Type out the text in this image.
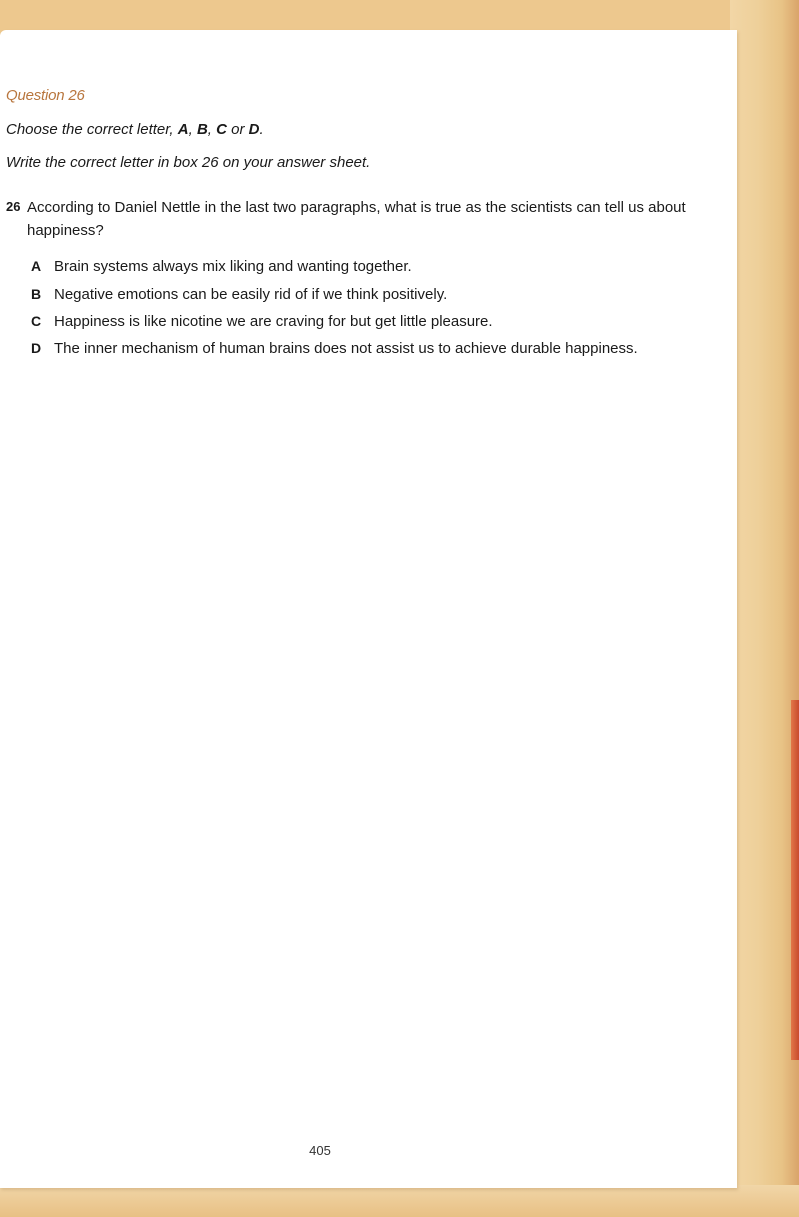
Question 26
Choose the correct letter, A, B, C or D.
Write the correct letter in box 26 on your answer sheet.
26 According to Daniel Nettle in the last two paragraphs, what is true as the scientists can tell us about happiness?
A Brain systems always mix liking and wanting together.
B Negative emotions can be easily rid of if we think positively.
C Happiness is like nicotine we are craving for but get little pleasure.
D The inner mechanism of human brains does not assist us to achieve durable happiness.
405
